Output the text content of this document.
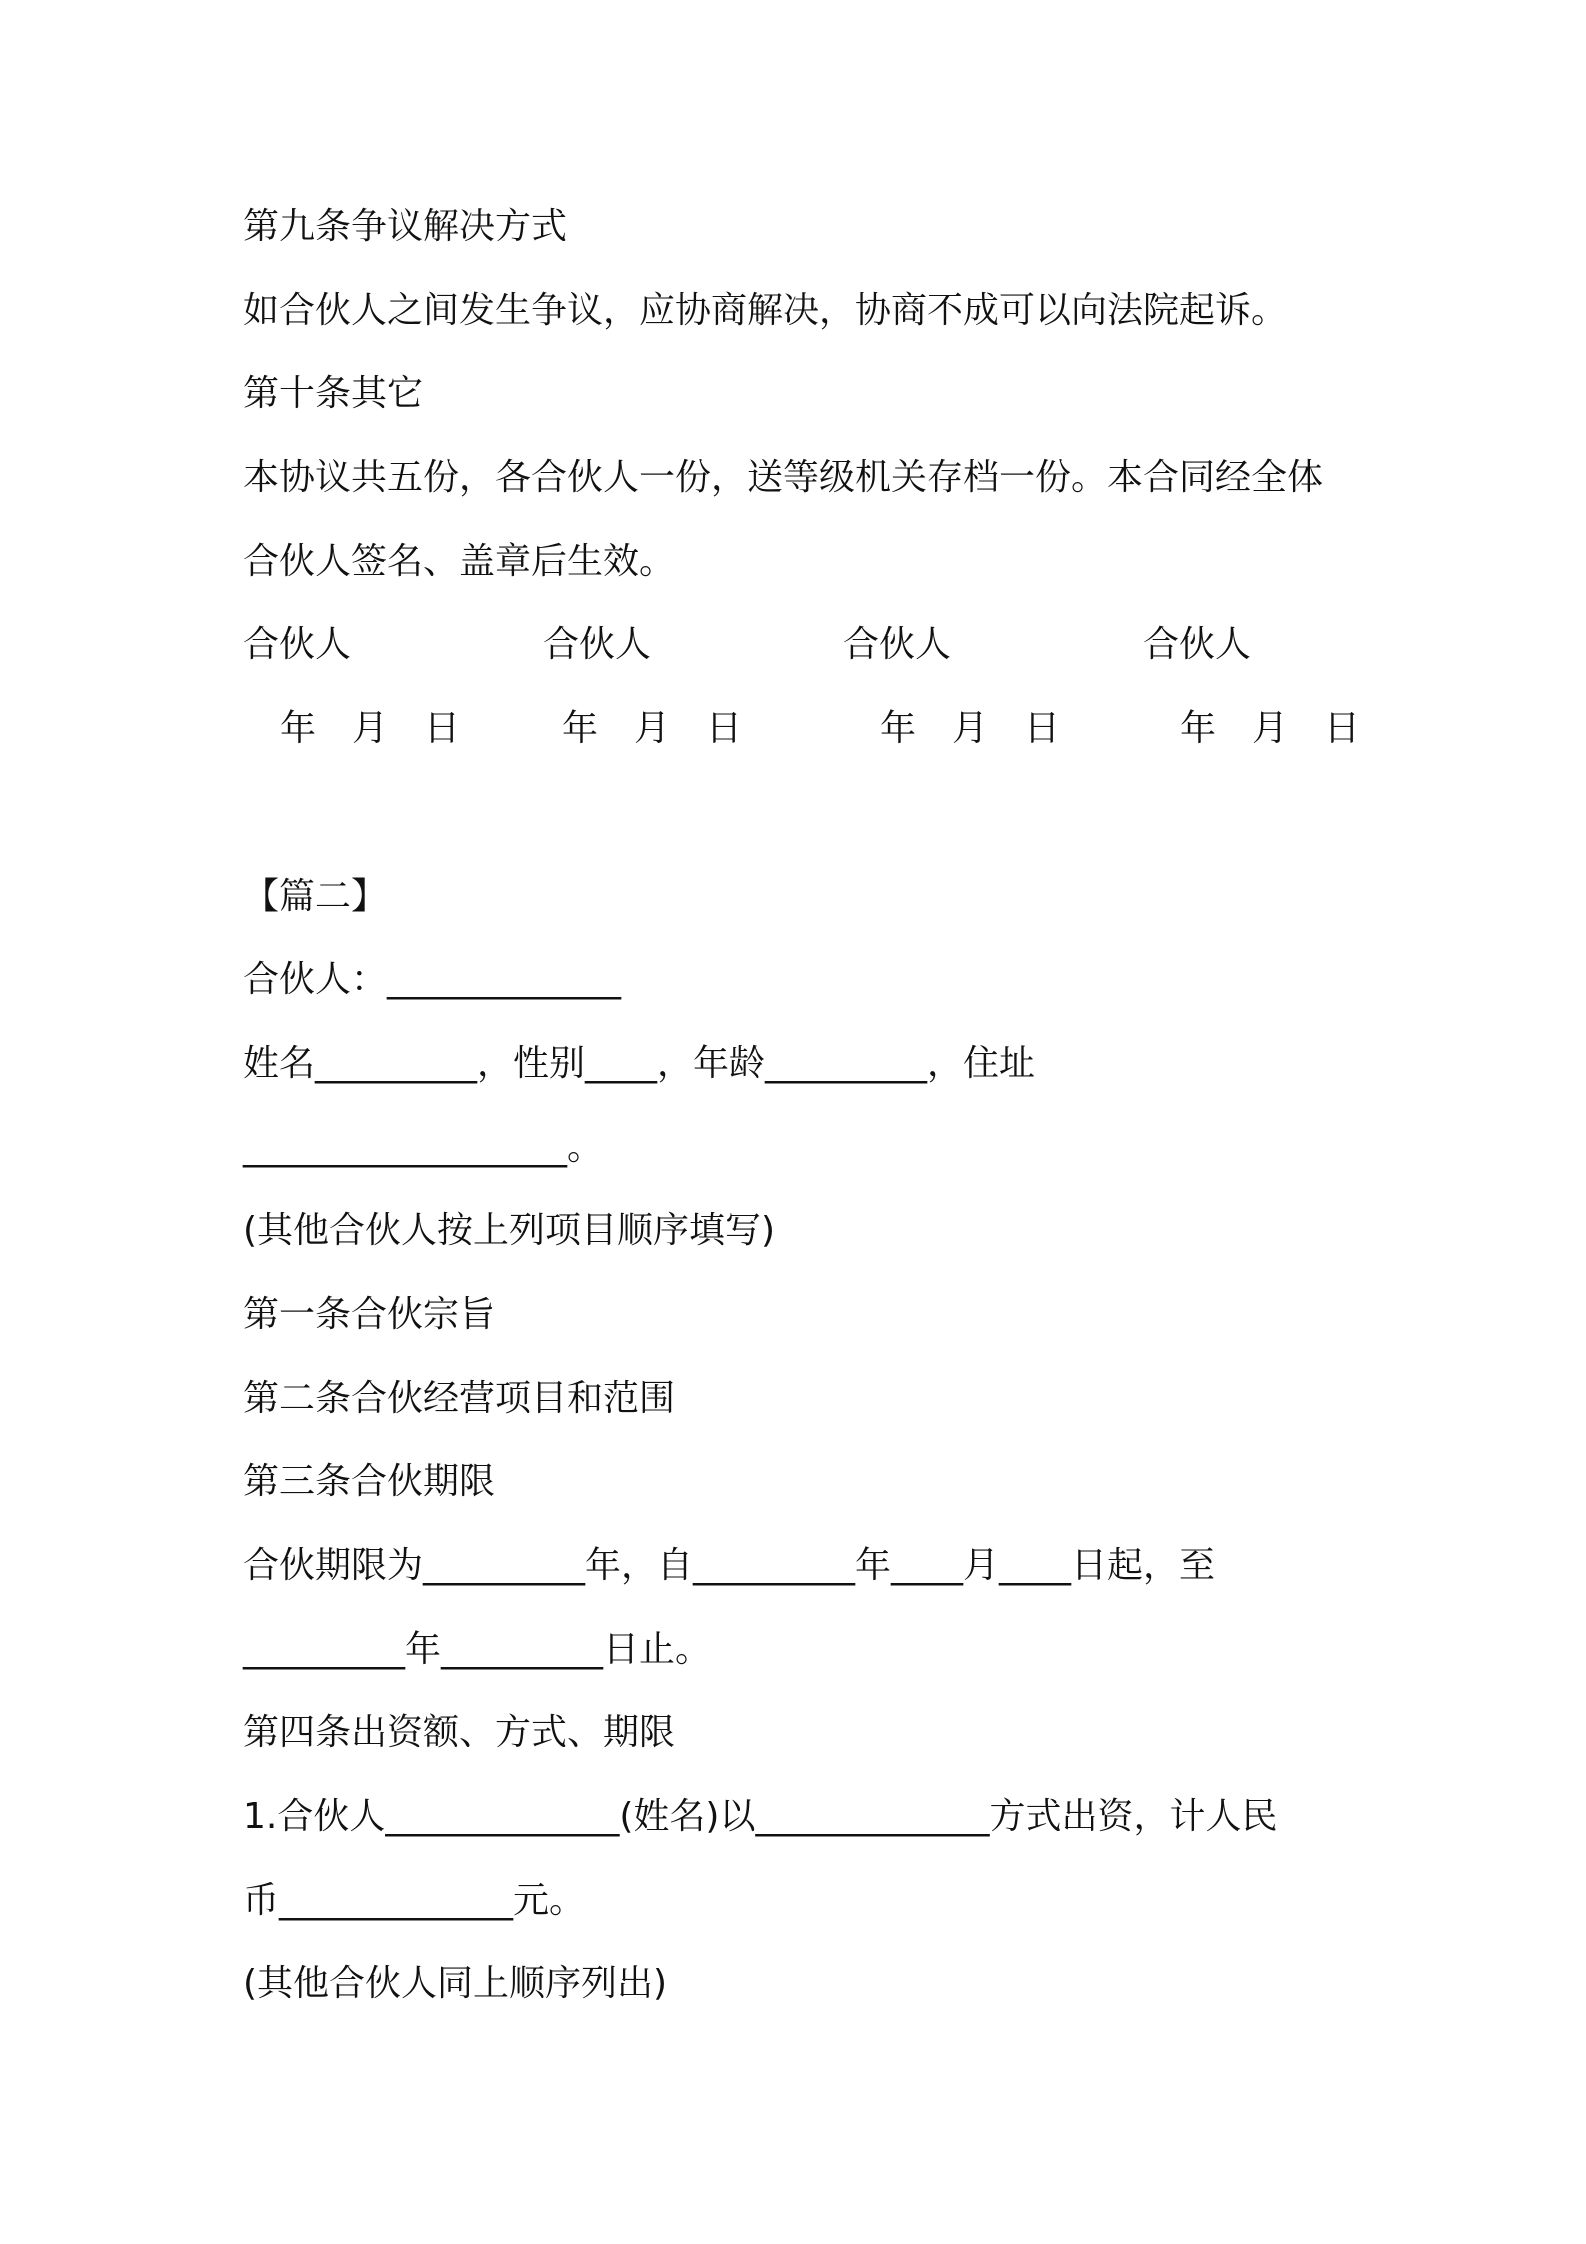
第九条争议解决方式

如合伙人之间发生争议，应协商解决，协商不成可以向法院起诉。

第十条其它

本协议共五份，各合伙人一份，送等级机关存档一份。本合同经全体

合伙人签名、盖章后生效。

合伙人	合伙人	合伙人	合伙人
年　月　日	年　月　日	年　月　日	年　月　日

【篇二】

合伙人：_____________

姓名_________，性别____，年龄_________，住址

__________________。

(其他合伙人按上列项目顺序填写)

第一条合伙宗旨

第二条合伙经营项目和范围

第三条合伙期限

合伙期限为_________年，自_________年____月____日起，至

_________年_________日止。

第四条出资额、方式、期限

1.合伙人_____________(姓名)以_____________方式出资，计人民

币_____________元。

(其他合伙人同上顺序列出)
